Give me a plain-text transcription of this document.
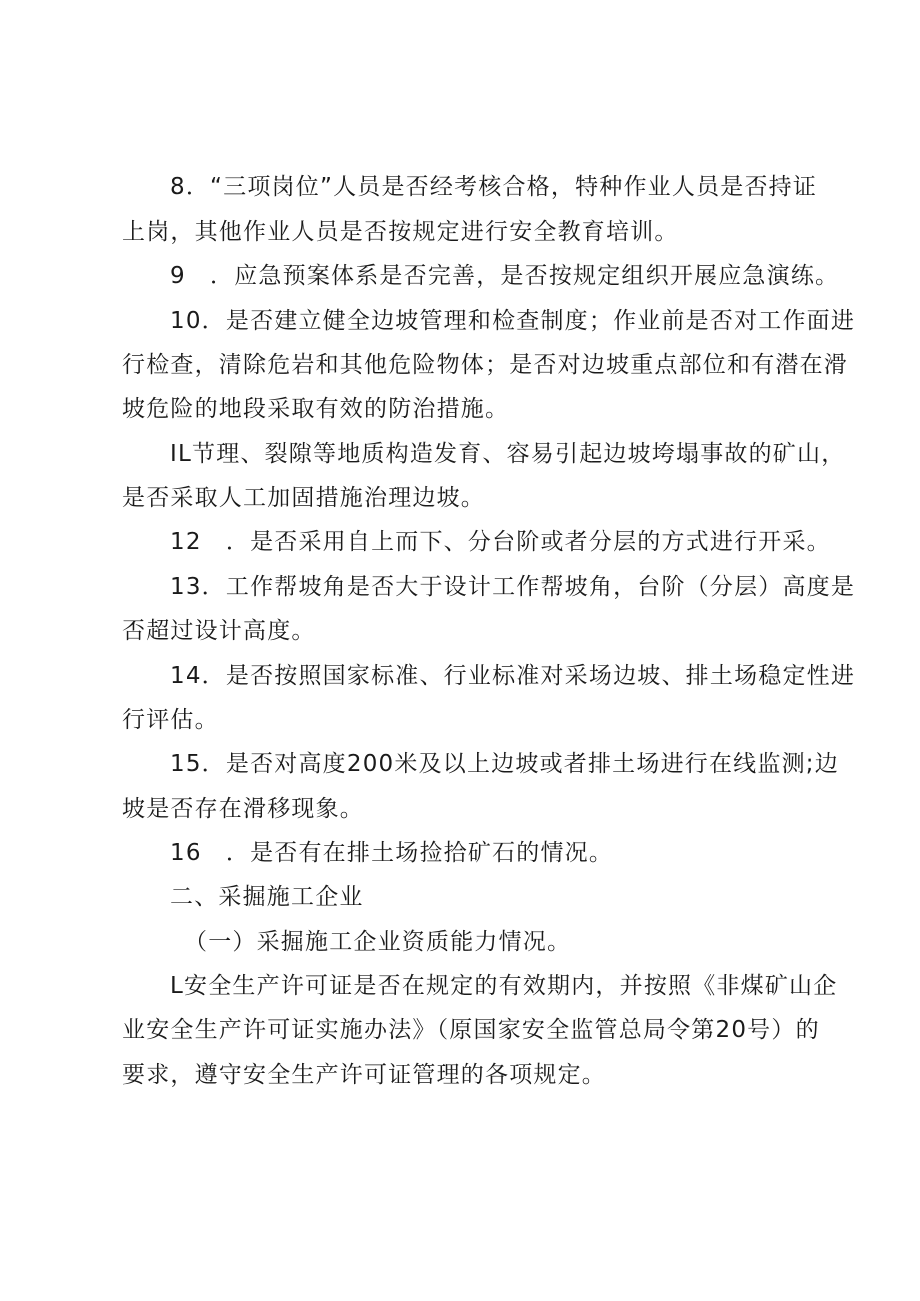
8．“三项岗位”人员是否经考核合格，特种作业人员是否持证
上岗，其他作业人员是否按规定进行安全教育培训。
9　．应急预案体系是否完善，是否按规定组织开展应急演练。
10．是否建立健全边坡管理和检查制度；作业前是否对工作面进
行检查，清除危岩和其他危险物体；是否对边坡重点部位和有潜在滑
坡危险的地段采取有效的防治措施。
IL节理、裂隙等地质构造发育、容易引起边坡垮塌事故的矿山，
是否采取人工加固措施治理边坡。
12　．是否采用自上而下、分台阶或者分层的方式进行开采。
13．工作帮坡角是否大于设计工作帮坡角，台阶（分层）高度是
否超过设计高度。
14．是否按照国家标准、行业标准对采场边坡、排土场稳定性进
行评估。
15．是否对高度200米及以上边坡或者排土场进行在线监测;边
坡是否存在滑移现象。
16　．是否有在排土场捡拾矿石的情况。
二、采掘施工企业
（一）采掘施工企业资质能力情况。
L安全生产许可证是否在规定的有效期内，并按照《非煤矿山企
业安全生产许可证实施办法》（原国家安全监管总局令第20号）的
要求，遵守安全生产许可证管理的各项规定。
